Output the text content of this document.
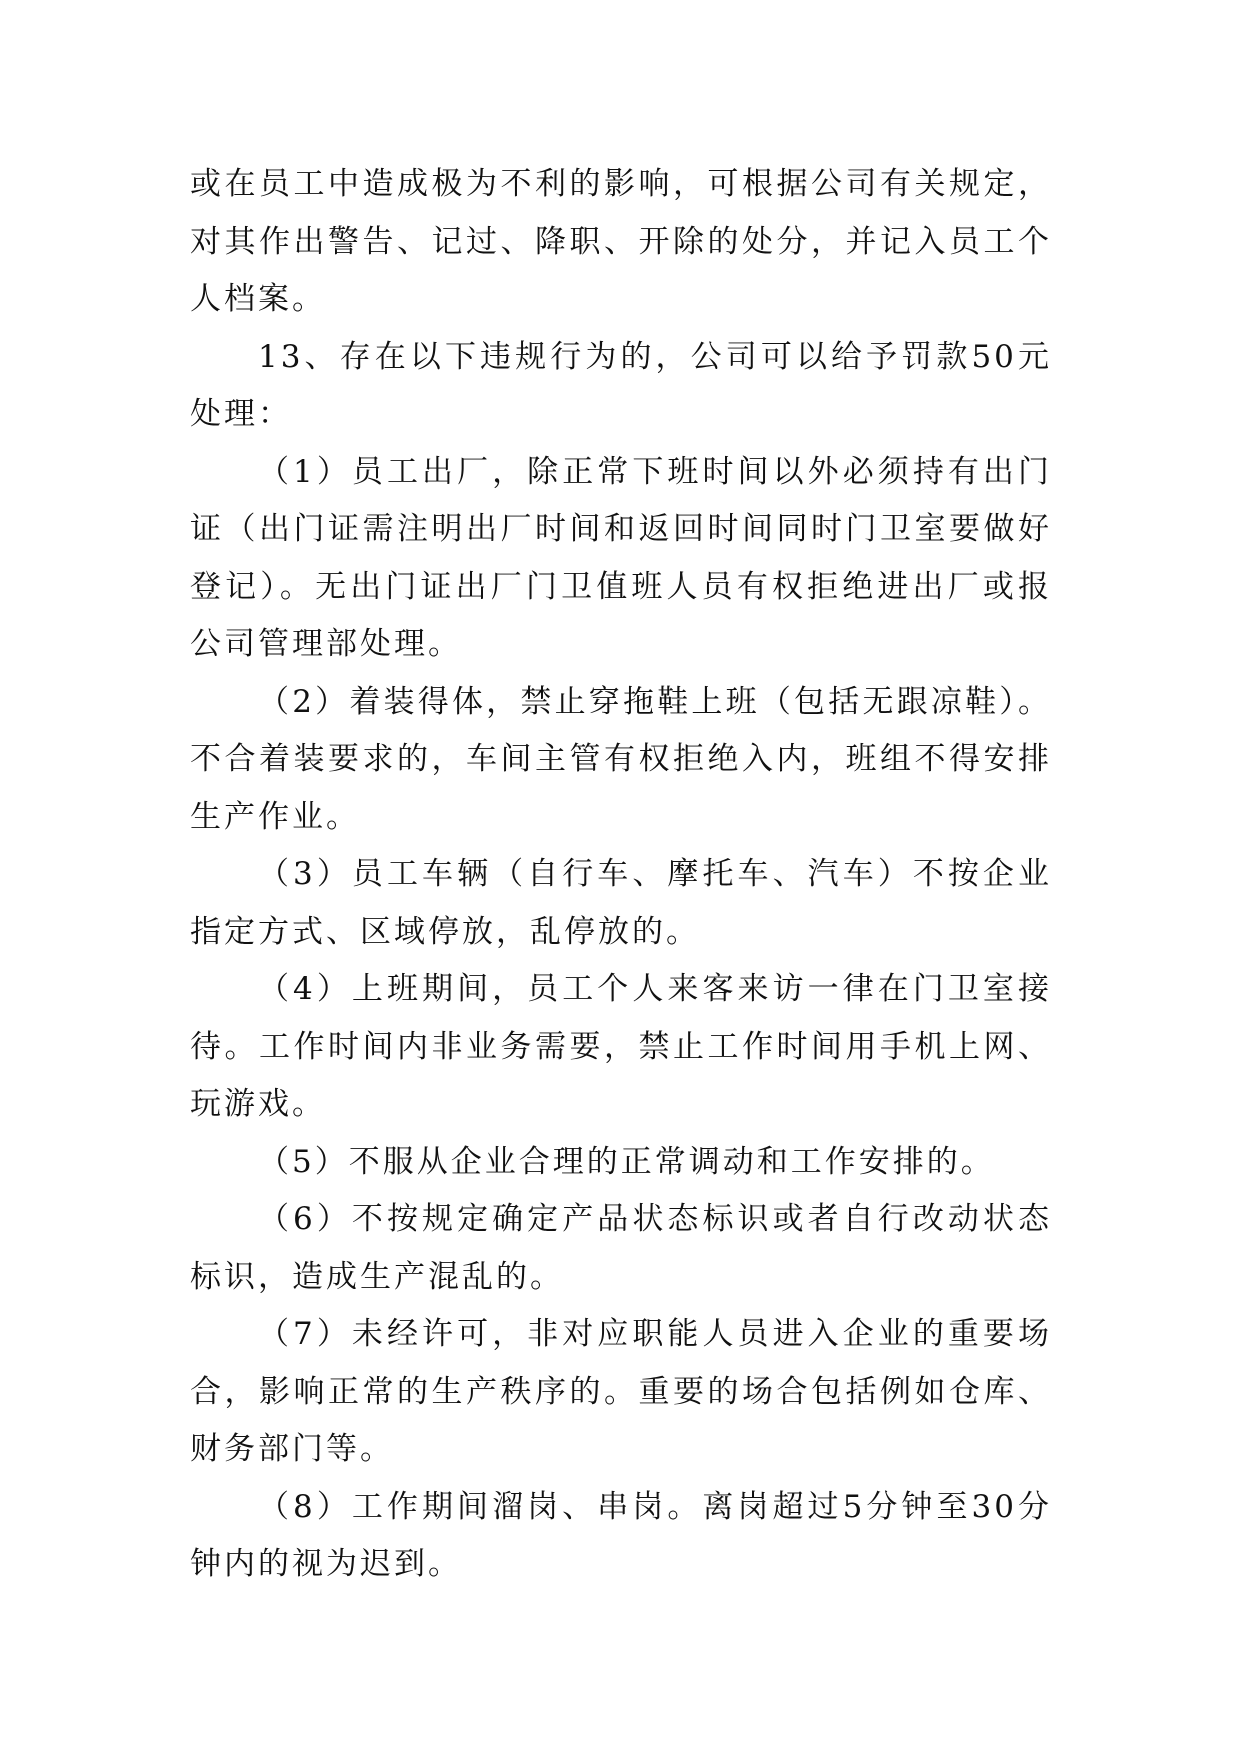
或在员工中造成极为不利的影响，可根据公司有关规定，对其作出警告、记过、降职、开除的处分，并记入员工个人档案。

13、存在以下违规行为的，公司可以给予罚款50元处理：

（1）员工出厂，除正常下班时间以外必须持有出门证（出门证需注明出厂时间和返回时间同时门卫室要做好登记）。无出门证出厂门卫值班人员有权拒绝进出厂或报公司管理部处理。

（2）着装得体，禁止穿拖鞋上班（包括无跟凉鞋）。不合着装要求的，车间主管有权拒绝入内，班组不得安排生产作业。

（3）员工车辆（自行车、摩托车、汽车）不按企业指定方式、区域停放，乱停放的。

（4）上班期间，员工个人来客来访一律在门卫室接待。工作时间内非业务需要，禁止工作时间用手机上网、玩游戏。

（5）不服从企业合理的正常调动和工作安排的。

（6）不按规定确定产品状态标识或者自行改动状态标识，造成生产混乱的。

（7）未经许可，非对应职能人员进入企业的重要场合，影响正常的生产秩序的。重要的场合包括例如仓库、财务部门等。

（8）工作期间溜岗、串岗。离岗超过5分钟至30分钟内的视为迟到。
